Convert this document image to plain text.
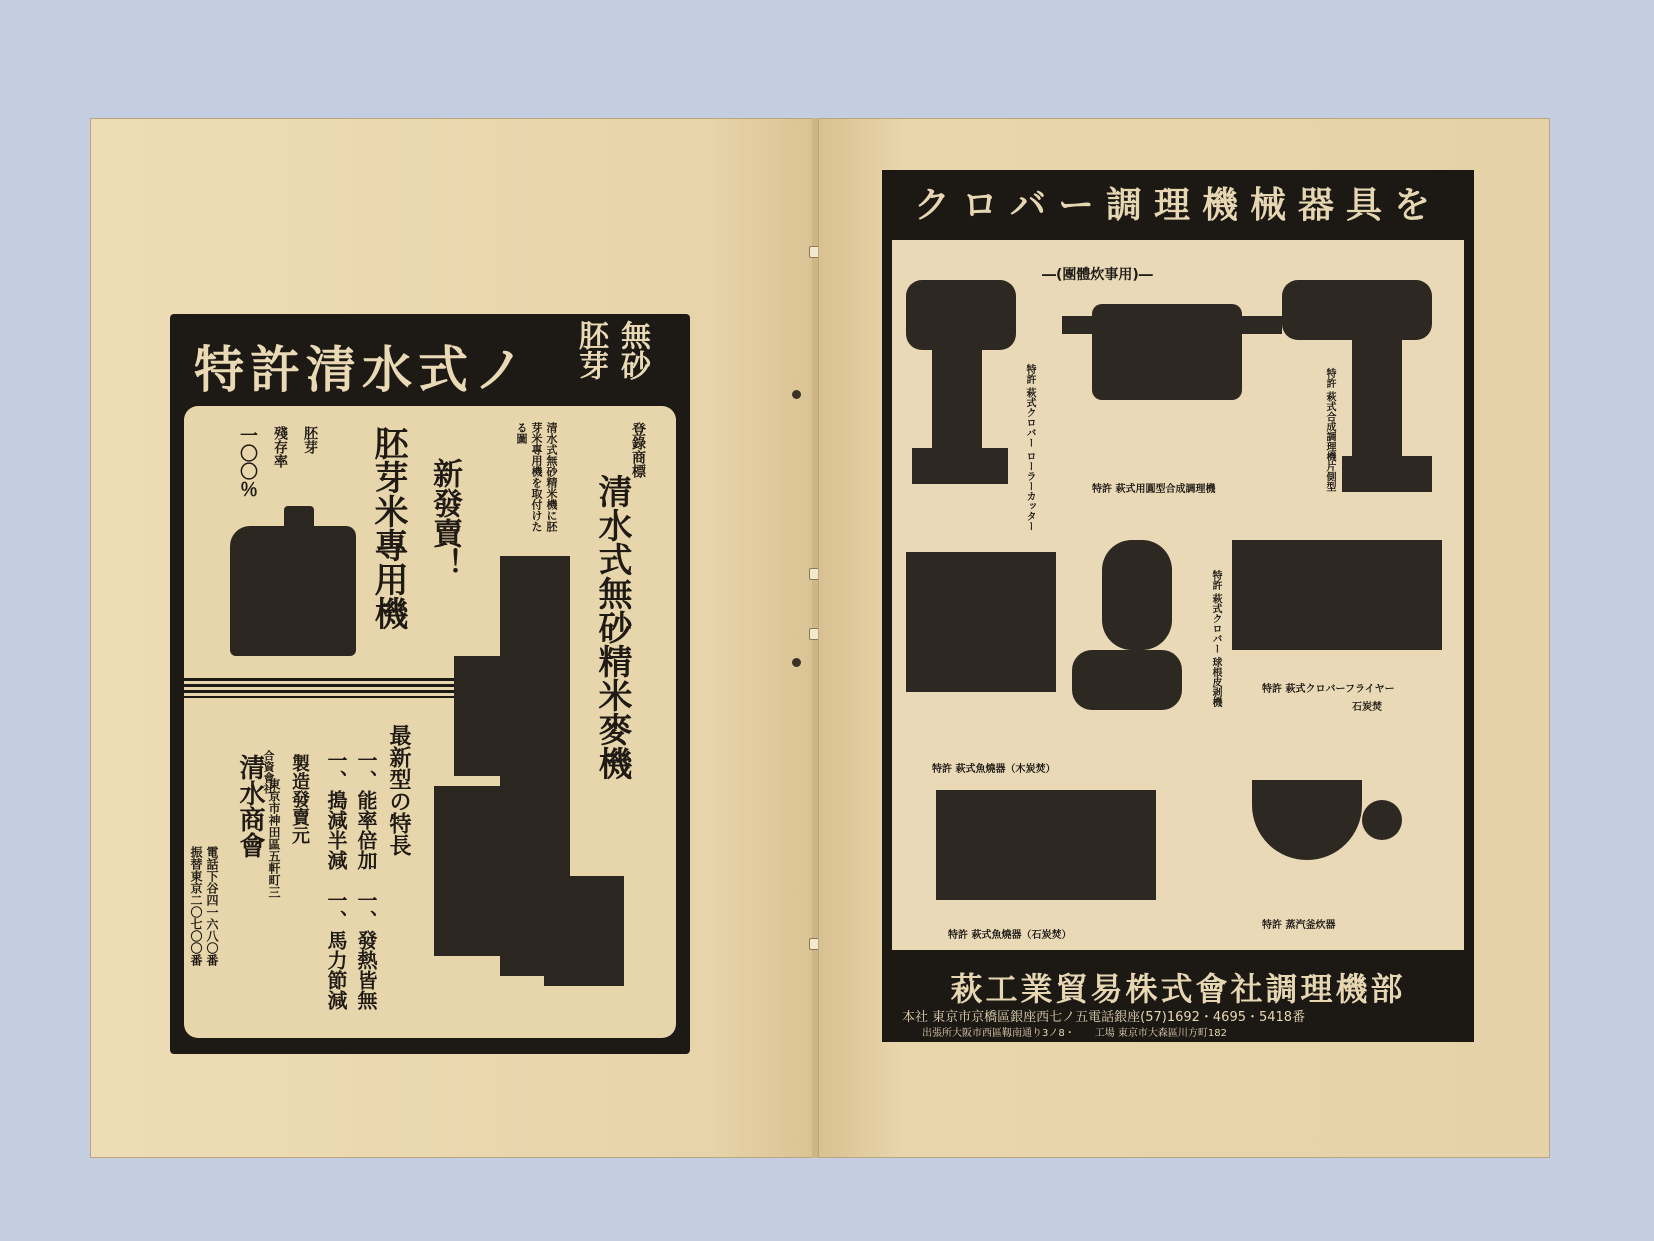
特許清水式ノ	無砂
胚芽
登錄商標
清水式無砂精米麥機
清水式無砂精米機に胚芽米專用機を取付けたる圖
新發賣！
胚芽米專用機
胚芽
殘存率
一〇〇％
最新型の特長
一、能率倍加　一、發熱皆無
一、搗減半減　一、馬力節減
製造發賣元
東京市神田區五軒町三
清水商會
合資會社
電話下谷四一六八〇番
振替東京二〇七〇〇番
クロバー調理機械器具を
―(團體炊事用)―
特許 萩式クロバー ローラーカッター	特許 萩式用圓型合成調理機	特許 萩式合成調理機片側型
特許 萩式魚燒器（木炭焚）
特許 萩式クロバー 球根皮剥機	特許 萩式クロバーフライヤー
石炭焚
特許 萩式魚燒器（石炭焚）
特許 蒸汽釜炊器
萩工業貿易株式會社調理機部
本社 東京市京橋區銀座西七ノ五電話銀座(57)1692・4695・5418番
出張所大阪市西區靱南通り3ノ8・　　工場 東京市大森區川方町182
